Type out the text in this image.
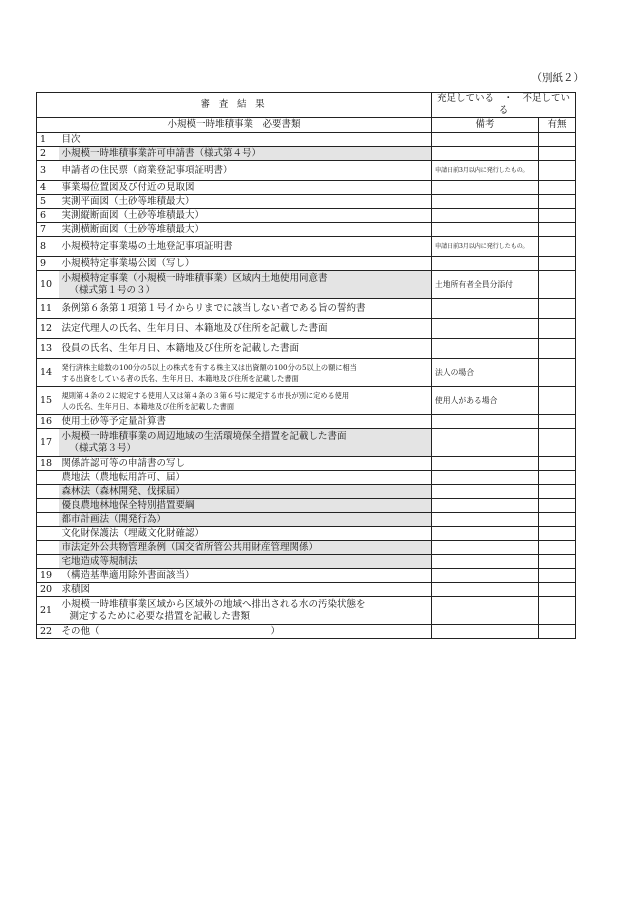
（別紙２）
審 査 結 果		充足している　・　不足している	
小規模一時堆積事業　必要書類		備考	有無
1	目次		
2	小規模一時堆積事業許可申請書（様式第４号）		
3	申請者の住民票（商業登記事項証明書）	申請日前3月以内に発行したもの。	
4	事業場位置図及び付近の見取図		
5	実測平面図（土砂等堆積最大）		
6	実測縦断面図（土砂等堆積最大）		
7	実測横断面図（土砂等堆積最大）		
8	小規模特定事業場の土地登記事項証明書	申請日前3月以内に発行したもの。	
9	小規模特定事業場公図（写し）		
10	小規模特定事業（小規模一時堆積事業）区域内土地使用同意書
（様式第１号の３）	土地所有者全員分添付	
11	条例第６条第１項第１号イからリまでに該当しない者である旨の誓約書		
12	法定代理人の氏名、生年月日、本籍地及び住所を記載した書面		
13	役員の氏名、生年月日、本籍地及び住所を記載した書面		
14	発行済株主総数の100分の5以上の株式を有する株主又は出資額の100分の5以上の額に相当
する出資をしている者の氏名、生年月日、本籍地及び住所を記載した書面	法人の場合	
15	規則第４条の２に規定する使用人又は第４条の３第６号に規定する市長が別に定める使用
人の氏名、生年月日、本籍地及び住所を記載した書面	使用人がある場合	
16	使用土砂等予定量計算書		
17	小規模一時堆積事業の周辺地域の生活環境保全措置を記載した書面
（様式第３号）		

18	関係許認可等の申請書の写し		
	農地法（農地転用許可、届）		
	森林法（森林開発、伐採届）		
	優良農地林地保全特別措置要綱		
	都市計画法（開発行為）		
	文化財保護法（埋蔵文化財確認）		
	市法定外公共物管理条例（国交省所管公共用財産管理関係）		
	宅地造成等規制法		
19	（構造基準適用除外書面該当）		
20	求積図		
21	小規模一時堆積事業区域から区域外の地域へ排出される水の汚染状態を
測定するために必要な措置を記載した書類		

22	その他（　　　　　　　　　　　　　　　　　　）		
